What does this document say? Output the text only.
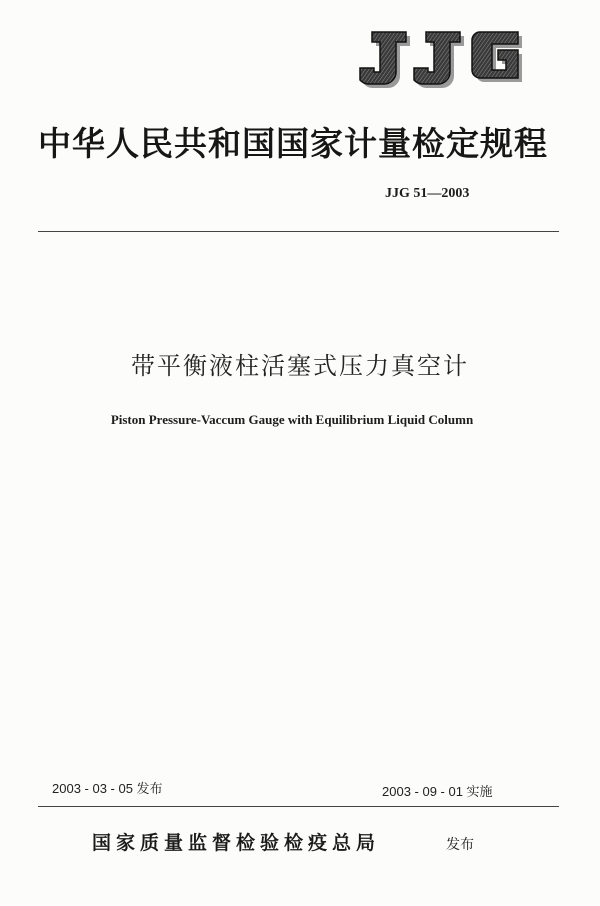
中华人民共和国国家计量检定规程
JJG 51—2003
带平衡液柱活塞式压力真空计
Piston Pressure-Vaccum Gauge with Equilibrium Liquid Column
2003 - 03 - 05 发布	2003 - 09 - 01 实施
国家质量监督检验检疫总局	发布
